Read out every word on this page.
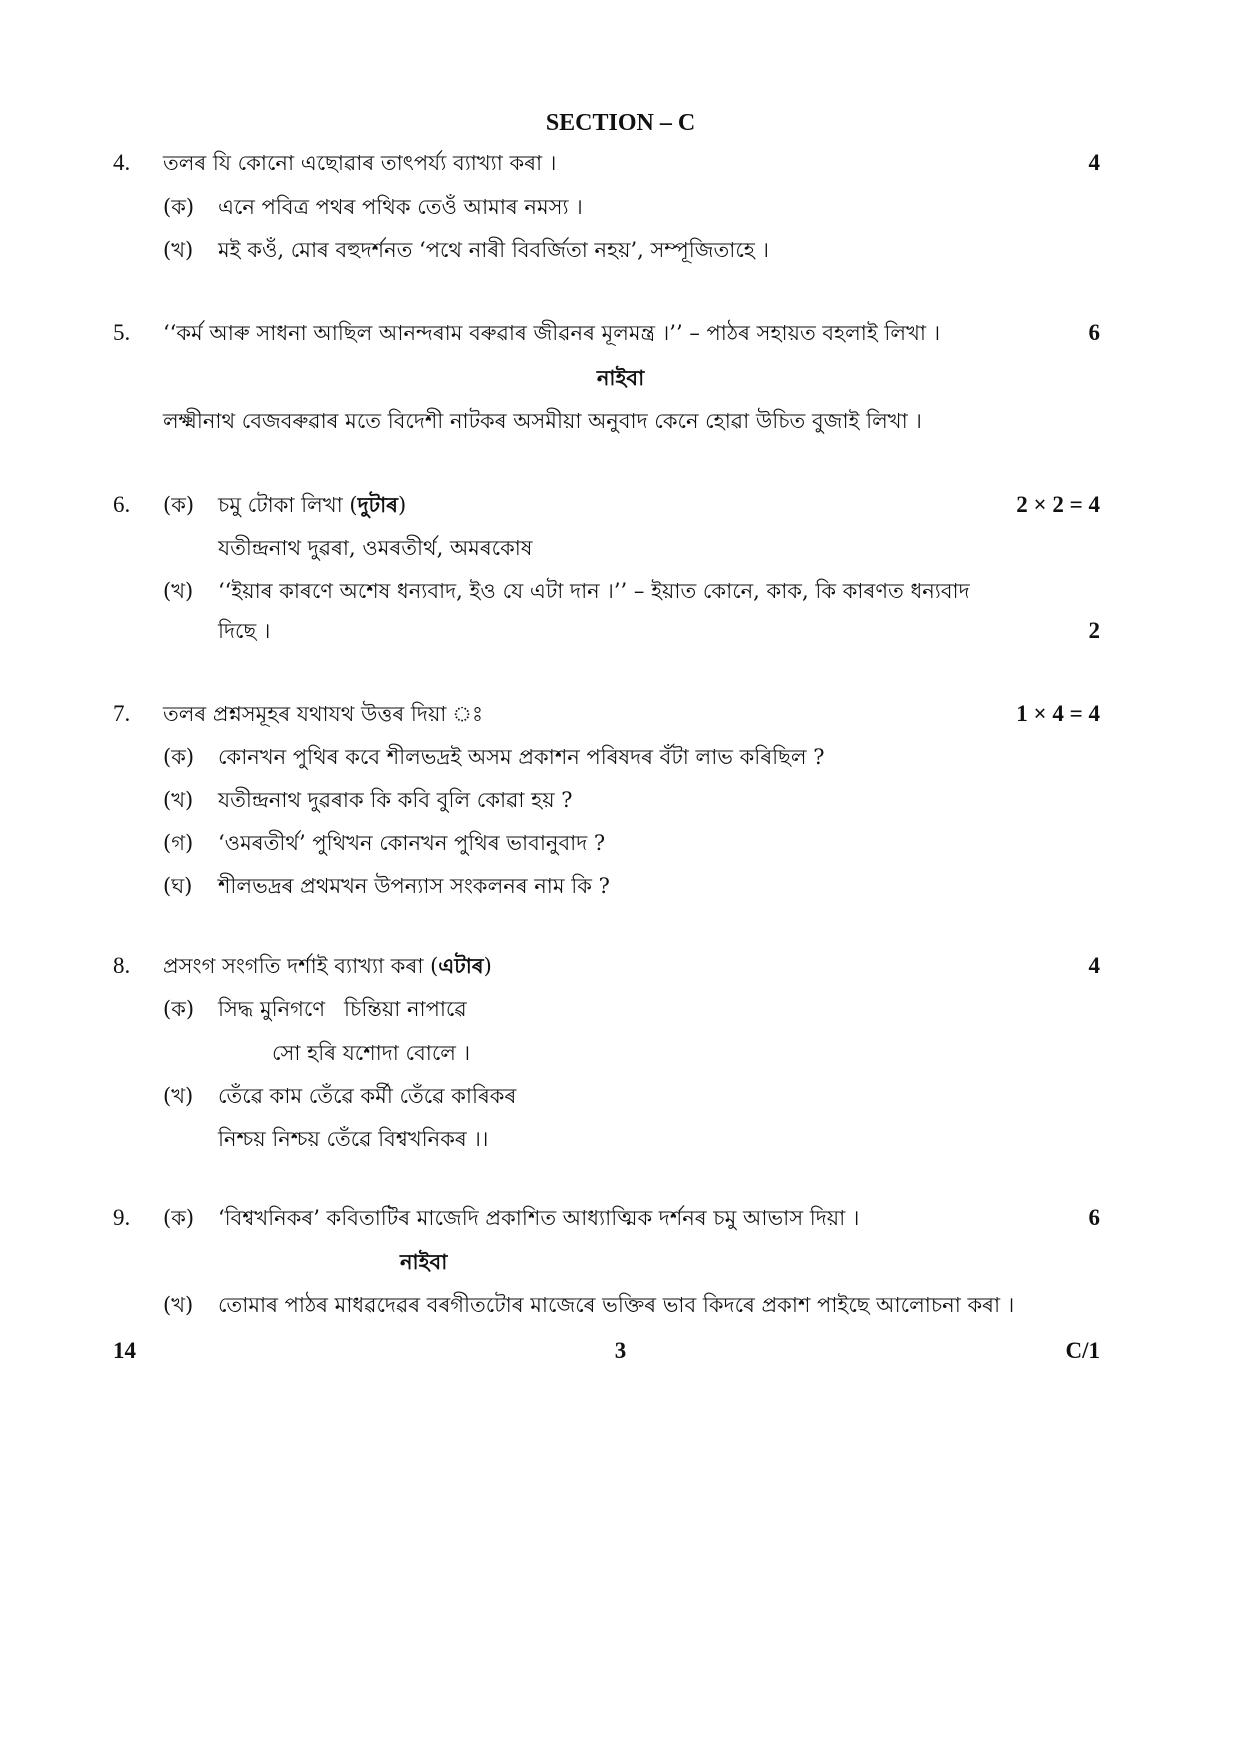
SECTION – C
4. তলৰ যি কোনো এছোৱাৰ তাৎপৰ্য্য ব্যাখ্যা কৰা ।	4
(ক) এনে পবিত্ৰ পথৰ পথিক তেওঁ আমাৰ নমস্য ।
(খ) মই কওঁ, মোৰ বহুদৰ্শনত ‘পথে নাৰী বিবৰ্জিতা নহয়’, সম্পূজিতাহে ।
5. ‘‘কৰ্ম আৰু সাধনা আছিল আনন্দৰাম বৰুৱাৰ জীৱনৰ মূলমন্ত্ৰ ।’’ – পাঠৰ সহায়ত বহলাই লিখা ।	6
নাইবা
লক্ষ্মীনাথ বেজবৰুৱাৰ মতে বিদেশী নাটকৰ অসমীয়া অনুবাদ কেনে হোৱা উচিত বুজাই লিখা ।
6. (ক) চমু টোকা লিখা (দুটাৰ)	2 × 2 = 4
যতীন্দ্ৰনাথ দুৱৰা, ওমৰতীৰ্থ, অমৰকোষ
(খ) ‘‘ইয়াৰ কাৰণে অশেষ ধন্যবাদ, ইও যে এটা দান ।’’ – ইয়াত কোনে, কাক, কি কাৰণত ধন্যবাদ
দিছে ।	2
7. তলৰ প্ৰশ্নসমূহৰ যথাযথ উত্তৰ দিয়া ঃ	1 × 4 = 4
(ক) কোনখন পুথিৰ কবে শীলভদ্ৰই অসম প্ৰকাশন পৰিষদৰ বঁটা লাভ কৰিছিল ?
(খ) যতীন্দ্ৰনাথ দুৱৰাক কি কবি বুলি কোৱা হয় ?
(গ) ‘ওমৰতীৰ্থ’ পুথিখন কোনখন পুথিৰ ভাবানুবাদ ?
(ঘ) শীলভদ্ৰৰ প্ৰথমখন উপন্যাস সংকলনৰ নাম কি ?
8. প্ৰসংগ সংগতি দৰ্শাই ব্যাখ্যা কৰা (এটাৰ)	4
(ক) সিদ্ধ মুনিগণে চিন্তিয়া নাপাৱে
সো হৰি যশোদা বোলে ।
(খ) তেঁৱে কাম তেঁৱে কৰ্মী তেঁৱে কাৰিকৰ
নিশ্চয় নিশ্চয় তেঁৱে বিশ্বখনিকৰ ।।
9. (ক) ‘বিশ্বখনিকৰ’ কবিতাটিৰ মাজেদি প্ৰকাশিত আধ্যাত্মিক দৰ্শনৰ চমু আভাস দিয়া ।	6
নাইবা
(খ) তোমাৰ পাঠৰ মাধৱদেৱৰ বৰগীতটোৰ মাজেৰে ভক্তিৰ ভাব কিদৰে প্ৰকাশ পাইছে আলোচনা কৰা ।
14	3	C/1
